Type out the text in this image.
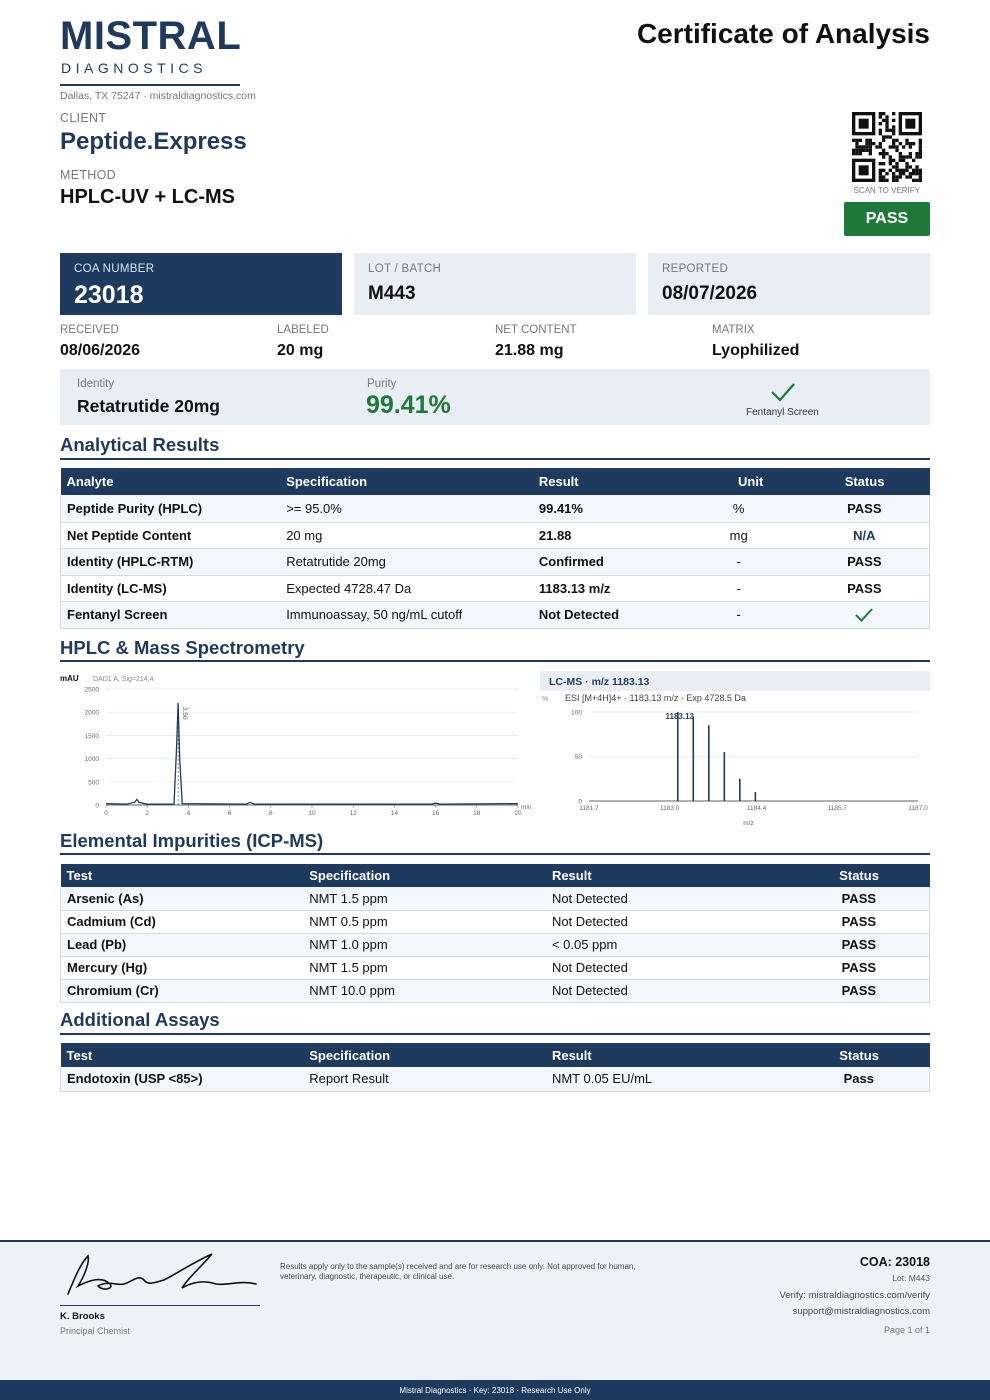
MISTRAL
DIAGNOSTICS
Dallas, TX 75247 · mistraldiagnostics.com
Certificate of Analysis
CLIENT
Peptide.Express
METHOD
HPLC-UV + LC-MS	SCAN TO VERIFY
PASS
COA NUMBER
23018
LOT / BATCH
M443
REPORTED
08/07/2026
RECEIVED
08/06/2026
LABELED
20 mg
NET CONTENT
21.88 mg
MATRIX
Lyophilized
Identity
Retatrutide 20mg
Purity
99.41%	Fentanyl Screen
Analytical Results
Analyte	Specification	Result	Unit	Status
Peptide Purity (HPLC)	>= 95.0%	99.41%	%	PASS
Net Peptide Content	20 mg	21.88	mg	N/A
Identity (HPLC-RTM)	Retatrutide 20mg	Confirmed	-	PASS
Identity (LC-MS)	Expected 4728.47 Da	1183.13 m/z	-	PASS
Fentanyl Screen	Immunoassay, 50 ng/mL cutoff	Not Detected	-	
HPLC & Mass Spectrometry
mAU DAD1 A, Sig=214,4
0
500
1000
1500
2000
2500
0	2	4	6	8	10	12	14	16	18	20
min
3.50
LC-MS · m/z 1183.13
% ESI [M+4H]4+ · 1183.13 m/z · Exp 4728.5 Da
0
50
100
1181.7	1183.0	1184.4	1185.7	1187.0
m/z
1183.13
Elemental Impurities (ICP-MS)
Test	Specification	Result	Status
Arsenic (As)	NMT 1.5 ppm	Not Detected	PASS
Cadmium (Cd)	NMT 0.5 ppm	Not Detected	PASS
Lead (Pb)	NMT 1.0 ppm	< 0.05 ppm	PASS
Mercury (Hg)	NMT 1.5 ppm	Not Detected	PASS
Chromium (Cr)	NMT 10.0 ppm	Not Detected	PASS
Additional Assays
Test	Specification	Result	Status
Endotoxin (USP <85>)	Report Result	NMT 0.05 EU/mL	Pass
K. Brooks
Principal Chemist
Results apply only to the sample(s) received and are for research use only. Not approved for human, veterinary, diagnostic, therapeutic, or clinical use.
COA: 23018
Lot: M443
Verify: mistraldiagnostics.com/verify
support@mistraldiagnostics.com
Page 1 of 1
Mistral Diagnostics · Key: 23018 · Research Use Only
